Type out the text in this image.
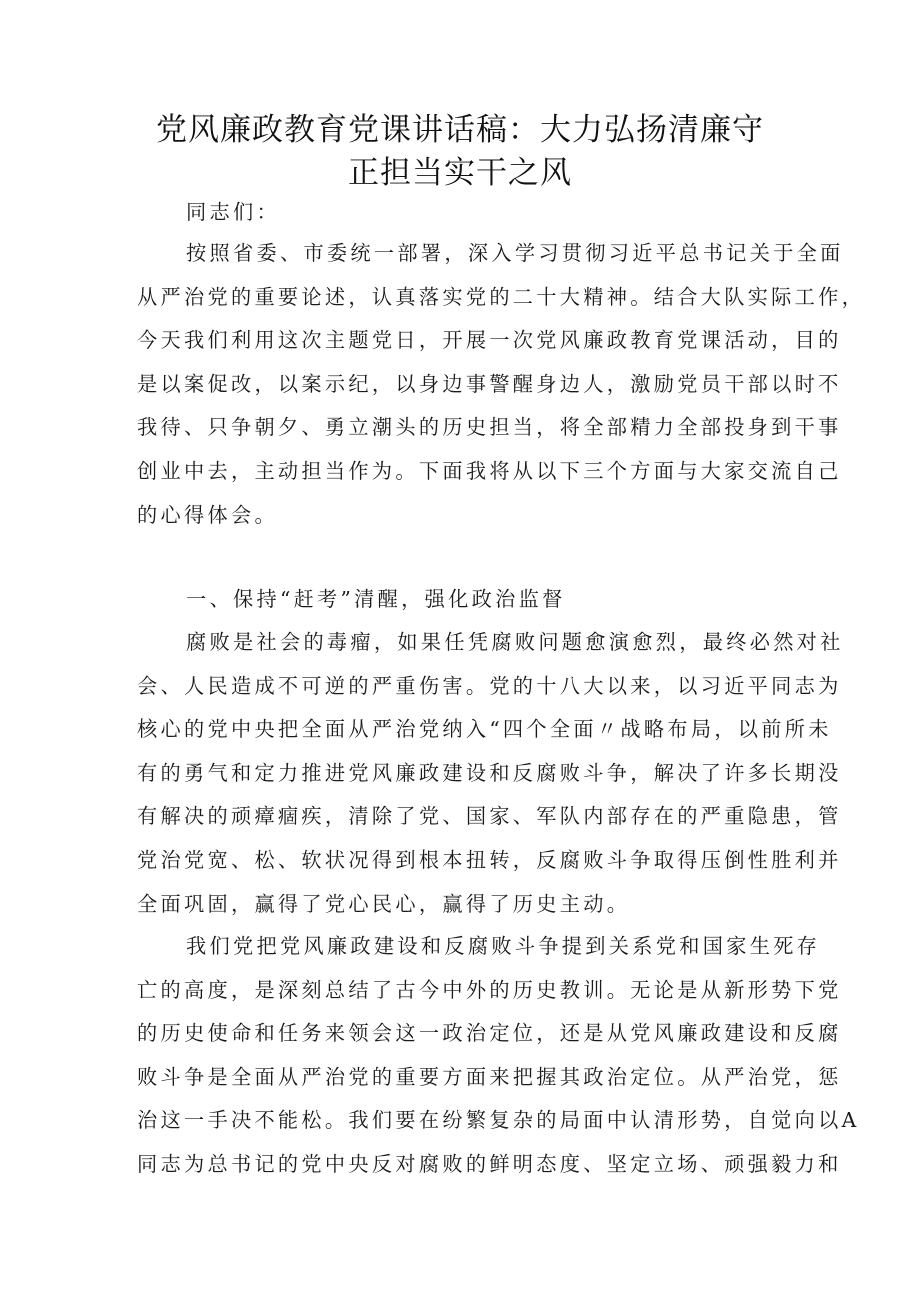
党风廉政教育党课讲话稿：大力弘扬清廉守
正担当实干之风

同志们：

按照省委、市委统一部署，深入学习贯彻习近平总书记关于全面
从严治党的重要论述，认真落实党的二十大精神。结合大队实际工作，
今天我们利用这次主题党日，开展一次党风廉政教育党课活动，目的
是以案促改，以案示纪，以身边事警醒身边人，激励党员干部以时不
我待、只争朝夕、勇立潮头的历史担当，将全部精力全部投身到干事
创业中去，主动担当作为。下面我将从以下三个方面与大家交流自己
的心得体会。
一、保持“赶考”清醒，强化政治监督
腐败是社会的毒瘤，如果任凭腐败问题愈演愈烈，最终必然对社
会、人民造成不可逆的严重伤害。党的十八大以来，以习近平同志为
核心的党中央把全面从严治党纳入“四个全面〃战略布局，以前所未
有的勇气和定力推进党风廉政建设和反腐败斗争，解决了许多长期没
有解决的顽瘴痼疾，清除了党、国家、军队内部存在的严重隐患，管
党治党宽、松、软状况得到根本扭转，反腐败斗争取得压倒性胜利并
全面巩固，赢得了党心民心，赢得了历史主动。
我们党把党风廉政建设和反腐败斗争提到关系党和国家生死存
亡的高度，是深刻总结了古今中外的历史教训。无论是从新形势下党
的历史使命和任务来领会这一政治定位，还是从党风廉政建设和反腐
败斗争是全面从严治党的重要方面来把握其政治定位。从严治党，惩
治这一手决不能松。我们要在纷繁复杂的局面中认清形势，自觉向以A
同志为总书记的党中央反对腐败的鲜明态度、坚定立场、顽强毅力和
